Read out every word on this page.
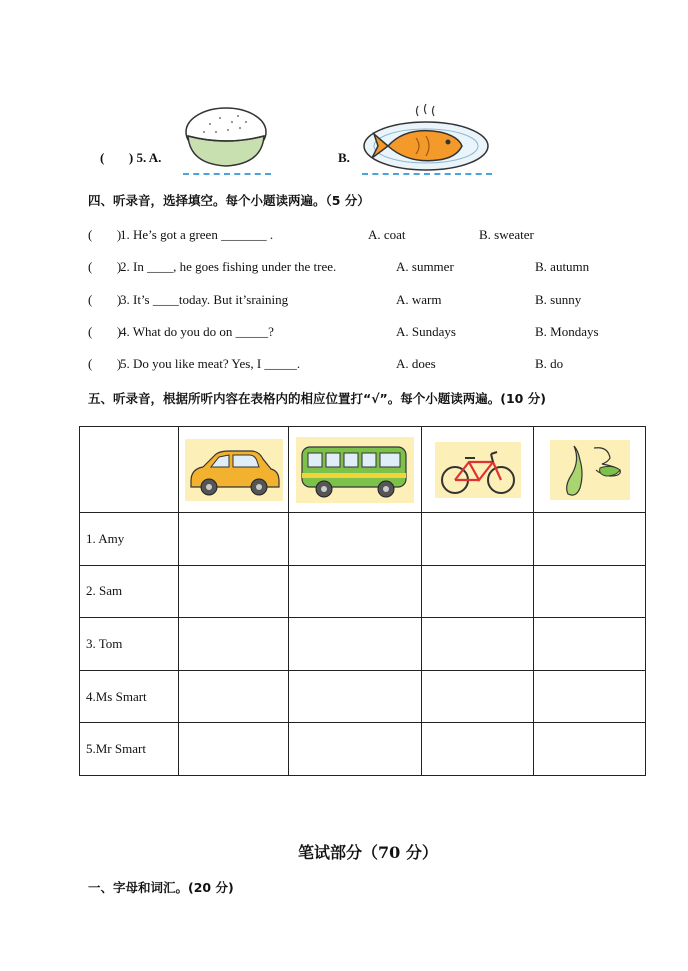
( ) 5. A.	B.
四、听录音，选择填空。每个小题读两遍。（5 分）
( )
1. He’s got a green _______ .	A. coat	B. sweater
( )
2. In ____, he goes fishing under the tree.	A. summer	B. autumn
( )
3. It’s ____today. But it’sraining	A. warm	B. sunny
( )
4. What do you do on _____?	A. Sundays	B. Mondays
( )
5. Do you like meat? Yes, I _____.	A. does	B. do
五、听录音，根据所听内容在表格内的相应位置打“√”。每个小题读两遍。(10 分)

1. Amy				
2. Sam				
3. Tom				
4.Ms Smart				
5.Mr Smart				
笔试部分（70 分）
一、字母和词汇。(20 分)
